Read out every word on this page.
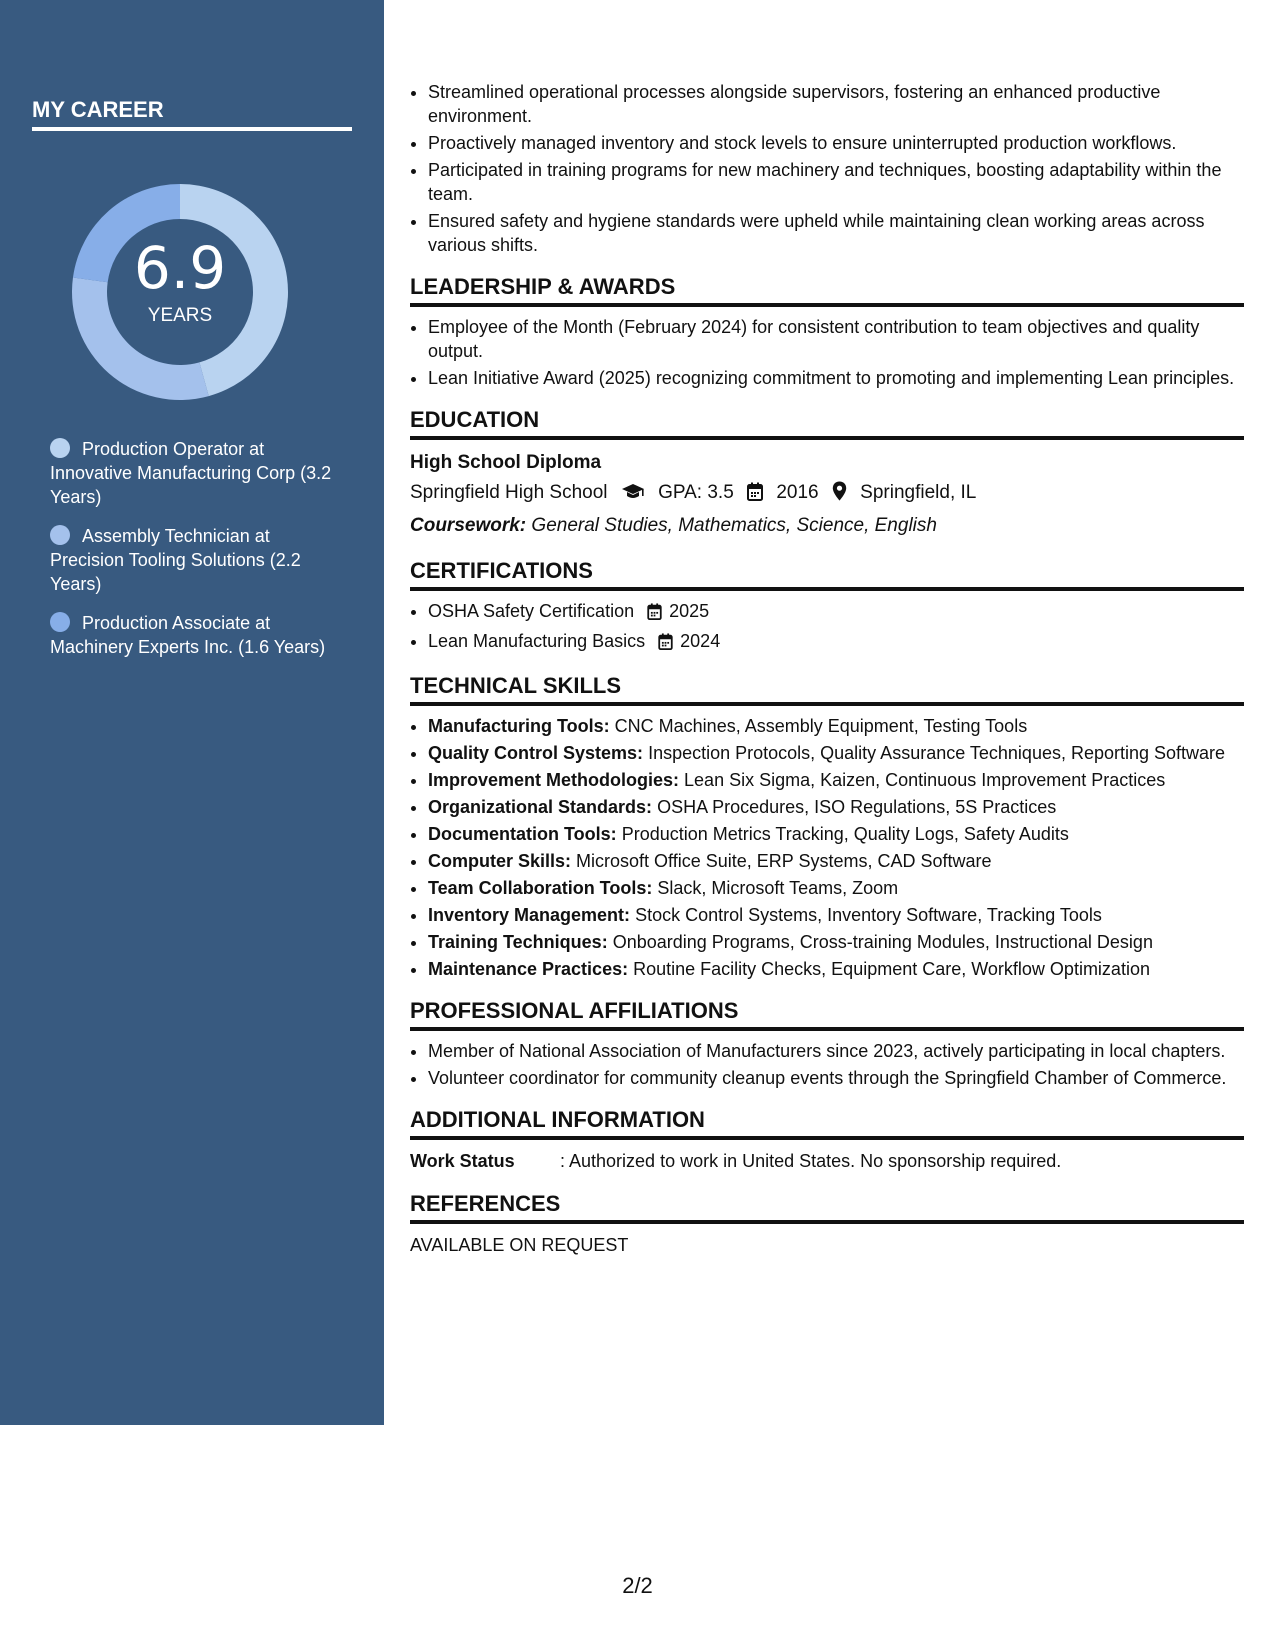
MY CAREER
6.9
YEARS
Production Operator at Innovative Manufacturing Corp (3.2 Years)
Assembly Technician at Precision Tooling Solutions (2.2 Years)
Production Associate at Machinery Experts Inc. (1.6 Years)
• Streamlined operational processes alongside supervisors, fostering an enhanced productive environment.
• Proactively managed inventory and stock levels to ensure uninterrupted production workflows.
• Participated in training programs for new machinery and techniques, boosting adaptability within the team.
• Ensured safety and hygiene standards were upheld while maintaining clean working areas across various shifts.
LEADERSHIP & AWARDS
• Employee of the Month (February 2024) for consistent contribution to team objectives and quality output.
• Lean Initiative Award (2025) recognizing commitment to promoting and implementing Lean principles.
EDUCATION
High School Diploma
Springfield High School	GPA: 3.5 2016 Springfield, IL
Coursework: General Studies, Mathematics, Science, English
CERTIFICATIONS
• OSHA Safety Certification 2025
• Lean Manufacturing Basics 2024
TECHNICAL SKILLS
• Manufacturing Tools: CNC Machines, Assembly Equipment, Testing Tools
• Quality Control Systems: Inspection Protocols, Quality Assurance Techniques, Reporting Software
• Improvement Methodologies: Lean Six Sigma, Kaizen, Continuous Improvement Practices
• Organizational Standards: OSHA Procedures, ISO Regulations, 5S Practices
• Documentation Tools: Production Metrics Tracking, Quality Logs, Safety Audits
• Computer Skills: Microsoft Office Suite, ERP Systems, CAD Software
• Team Collaboration Tools: Slack, Microsoft Teams, Zoom
• Inventory Management: Stock Control Systems, Inventory Software, Tracking Tools
• Training Techniques: Onboarding Programs, Cross-training Modules, Instructional Design
• Maintenance Practices: Routine Facility Checks, Equipment Care, Workflow Optimization
PROFESSIONAL AFFILIATIONS
• Member of National Association of Manufacturers since 2023, actively participating in local chapters.
• Volunteer coordinator for community cleanup events through the Springfield Chamber of Commerce.
ADDITIONAL INFORMATION
Work Status	: Authorized to work in United States. No sponsorship required.
REFERENCES
AVAILABLE ON REQUEST
2/2
